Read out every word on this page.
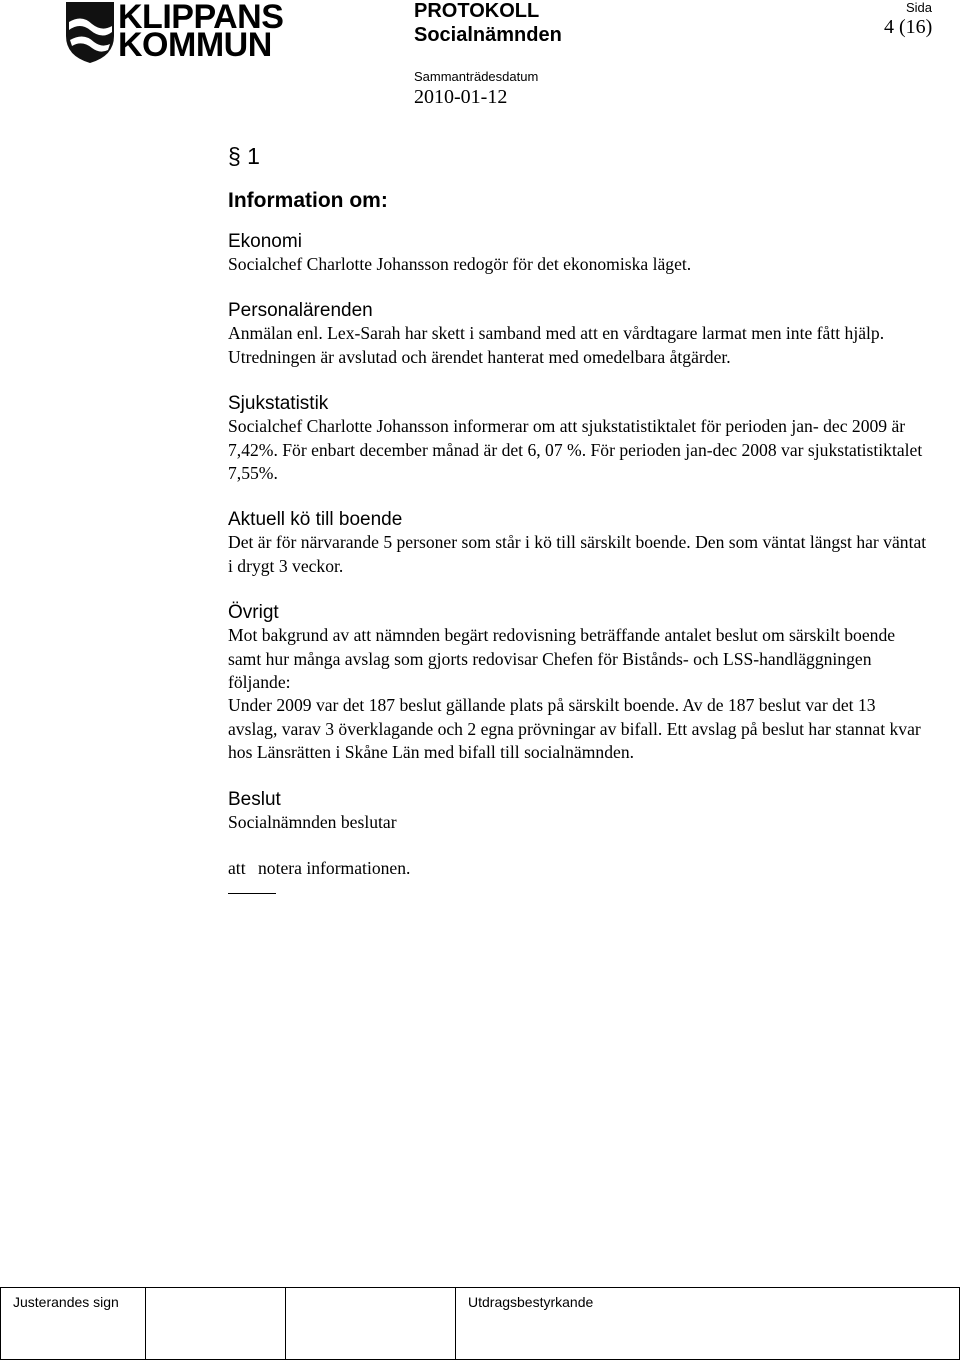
KLIPPANS
KOMMUN
PROTOKOLL
Socialnämnden
Sammanträdesdatum
2010-01-12
Sida
4 (16)
§ 1
Information om:
Ekonomi

Socialchef Charlotte Johansson redogör för det ekonomiska läget.

Personalärenden

Anmälan enl. Lex-Sarah har skett i samband med att en vårdtagare larmat men inte fått hjälp. Utredningen är avslutad och ärendet hanterat med omedelbara åtgärder.

Sjukstatistik

Socialchef Charlotte Johansson informerar om att sjukstatistiktalet för perioden jan- dec 2009 är 7,42%. För enbart december månad är det 6, 07 %. För perioden jan-dec 2008 var sjukstatistiktalet 7,55%.

Aktuell kö till boende

Det är för närvarande 5 personer som står i kö till särskilt boende. Den som väntat längst har väntat i drygt 3 veckor.

Övrigt

Mot bakgrund av att nämnden begärt redovisning beträffande antalet beslut om särskilt boende samt hur många avslag som gjorts redovisar Chefen för Bistånds- och LSS-handläggningen följande:

Under 2009 var det 187 beslut gällande plats på särskilt boende. Av de 187 beslut var det 13 avslag, varav 3 överklagande och 2 egna prövningar av bifall. Ett avslag på beslut har stannat kvar hos Länsrätten i Skåne Län med bifall till socialnämnden.

Beslut

Socialnämnden beslutar

att notera informationen.
Justerandes sign			Utdragsbestyrkande
